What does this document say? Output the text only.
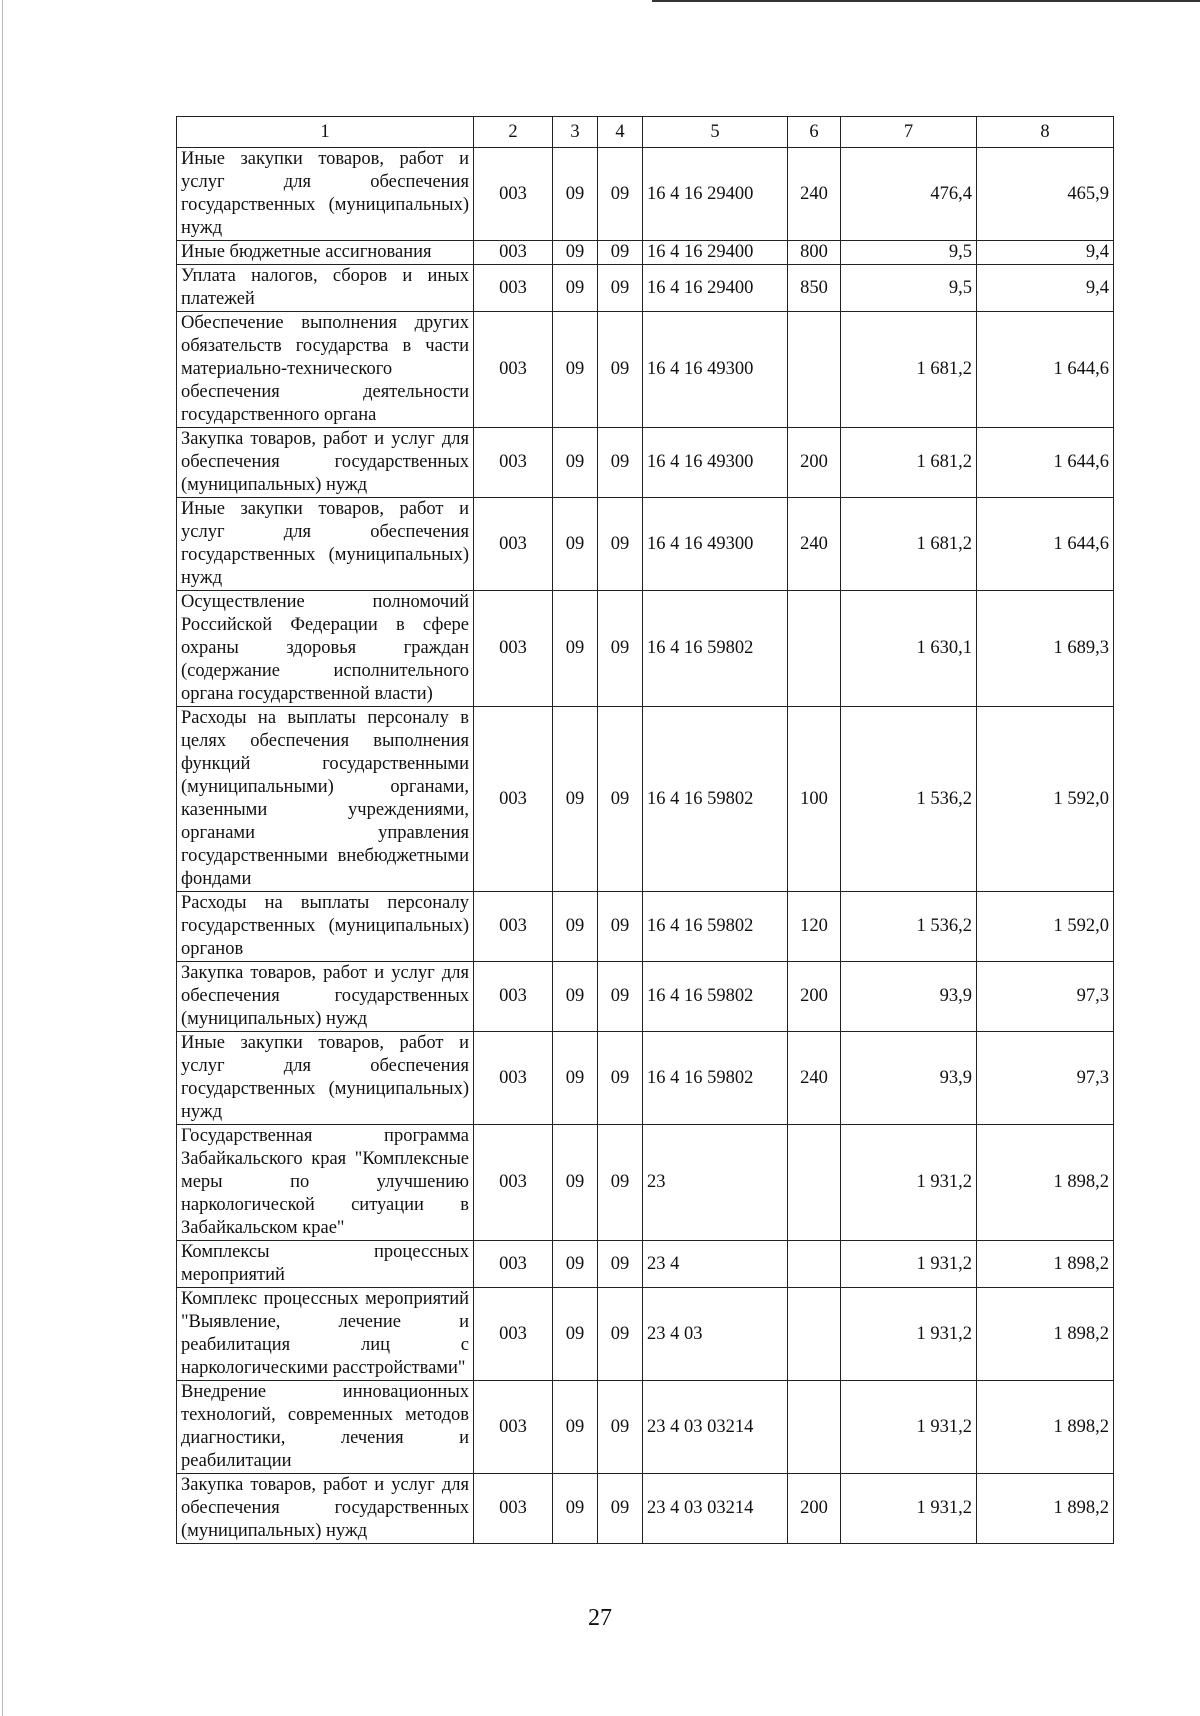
1	2	3	4	5	6	7	8
Иные закупки товаров, работ и услуг для обеспечения государственных (муниципальных) нужд	003	09	09	16 4 16 29400	240	476,4	465,9
Иные бюджетные ассигнования	003	09	09	16 4 16 29400	800	9,5	9,4
Уплата налогов, сборов и иных платежей	003	09	09	16 4 16 29400	850	9,5	9,4
Обеспечение выполнения других обязательств государства в части материально-технического обеспечения деятельности государственного органа	003	09	09	16 4 16 49300		1 681,2	1 644,6
Закупка товаров, работ и услуг для обеспечения государственных (муниципальных) нужд	003	09	09	16 4 16 49300	200	1 681,2	1 644,6
Иные закупки товаров, работ и услуг для обеспечения государственных (муниципальных) нужд	003	09	09	16 4 16 49300	240	1 681,2	1 644,6
Осуществление полномочий Российской Федерации в сфере охраны здоровья граждан (содержание исполнительного органа государственной власти)	003	09	09	16 4 16 59802		1 630,1	1 689,3
Расходы на выплаты персоналу в целях обеспечения выполнения функций государственными (муниципальными) органами, казенными учреждениями, органами управления государственными внебюджетными фондами	003	09	09	16 4 16 59802	100	1 536,2	1 592,0
Расходы на выплаты персоналу государственных (муниципальных) органов	003	09	09	16 4 16 59802	120	1 536,2	1 592,0
Закупка товаров, работ и услуг для обеспечения государственных (муниципальных) нужд	003	09	09	16 4 16 59802	200	93,9	97,3
Иные закупки товаров, работ и услуг для обеспечения государственных (муниципальных) нужд	003	09	09	16 4 16 59802	240	93,9	97,3
Государственная программа Забайкальского края "Комплексные меры по улучшению наркологической ситуации в Забайкальском крае"	003	09	09	23		1 931,2	1 898,2
Комплексы процессных мероприятий	003	09	09	23 4		1 931,2	1 898,2
Комплекс процессных мероприятий "Выявление, лечение и реабилитация лиц с наркологическими расстройствами"	003	09	09	23 4 03		1 931,2	1 898,2
Внедрение инновационных технологий, современных методов диагностики, лечения и реабилитации	003	09	09	23 4 03 03214		1 931,2	1 898,2
Закупка товаров, работ и услуг для обеспечения государственных (муниципальных) нужд	003	09	09	23 4 03 03214	200	1 931,2	1 898,2
27
